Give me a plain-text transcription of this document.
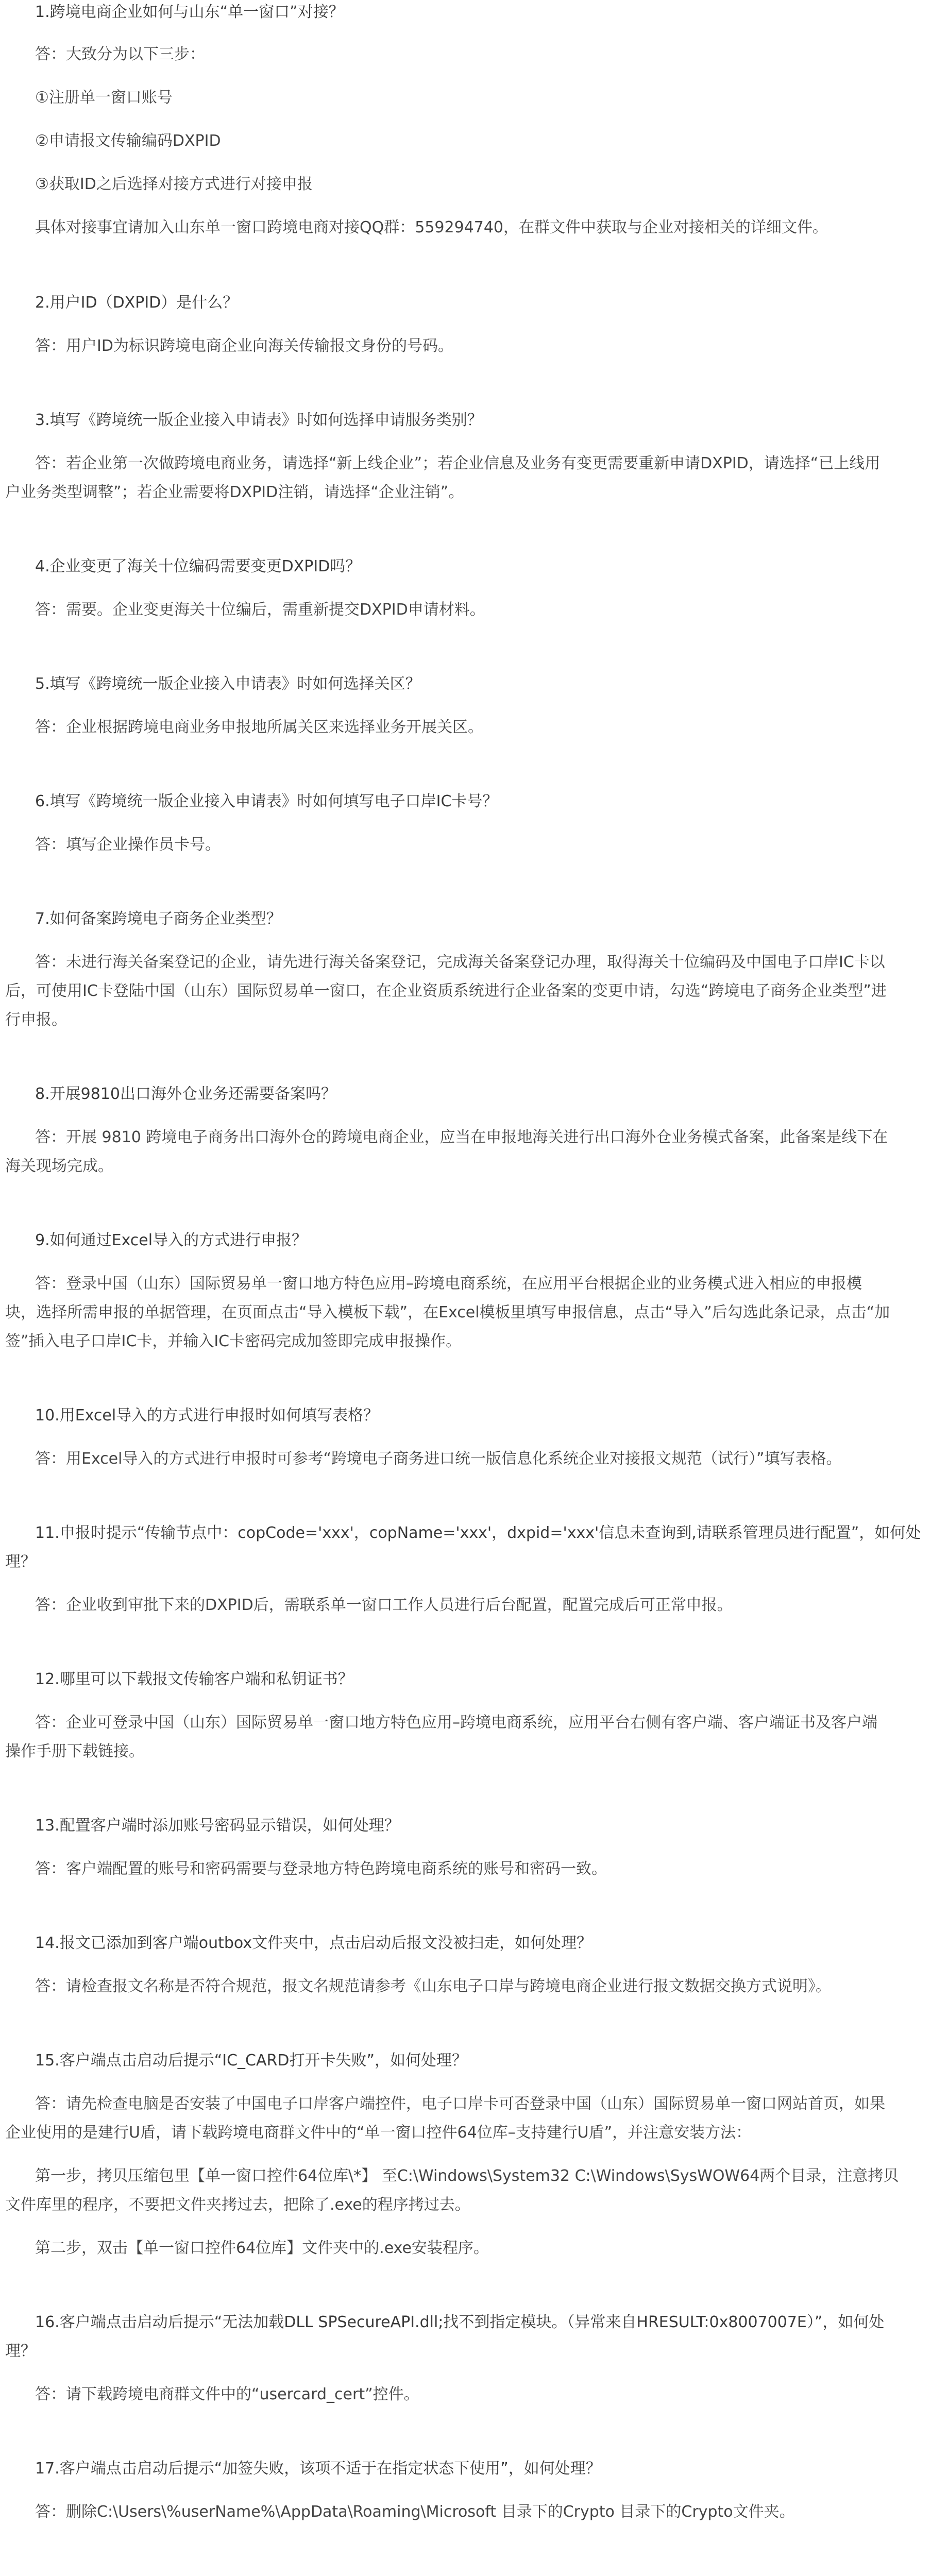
1.跨境电商企业如何与山东“单一窗口”对接？
答：大致分为以下三步：
①注册单一窗口账号
②申请报文传输编码DXPID
③获取ID之后选择对接方式进行对接申报
具体对接事宜请加入山东单一窗口跨境电商对接QQ群：559294740，在群文件中获取与企业对接相关的详细文件。
2.用户ID（DXPID）是什么？
答：用户ID为标识跨境电商企业向海关传输报文身份的号码。
3.填写《跨境统一版企业接入申请表》时如何选择申请服务类别？
答：若企业第一次做跨境电商业务，请选择“新上线企业”；若企业信息及业务有变更需要重新申请DXPID，请选择“已上线用
户业务类型调整”；若企业需要将DXPID注销，请选择“企业注销”。
4.企业变更了海关十位编码需要变更DXPID吗？
答：需要。企业变更海关十位编后，需重新提交DXPID申请材料。
5.填写《跨境统一版企业接入申请表》时如何选择关区？
答：企业根据跨境电商业务申报地所属关区来选择业务开展关区。
6.填写《跨境统一版企业接入申请表》时如何填写电子口岸IC卡号？
答：填写企业操作员卡号。
7.如何备案跨境电子商务企业类型？
答：未进行海关备案登记的企业，请先进行海关备案登记，完成海关备案登记办理，取得海关十位编码及中国电子口岸IC卡以
后，可使用IC卡登陆中国（山东）国际贸易单一窗口，在企业资质系统进行企业备案的变更申请，勾选“跨境电子商务企业类型”进
行申报。
8.开展9810出口海外仓业务还需要备案吗？
答：开展 9810 跨境电子商务出口海外仓的跨境电商企业，应当在申报地海关进行出口海外仓业务模式备案，此备案是线下在
海关现场完成。
9.如何通过Excel导入的方式进行申报？
答：登录中国（山东）国际贸易单一窗口地方特色应用–跨境电商系统，在应用平台根据企业的业务模式进入相应的申报模
块，选择所需申报的单据管理，在页面点击“导入模板下载”，在Excel模板里填写申报信息，点击“导入”后勾选此条记录，点击“加
签”插入电子口岸IC卡，并输入IC卡密码完成加签即完成申报操作。
10.用Excel导入的方式进行申报时如何填写表格？
答：用Excel导入的方式进行申报时可参考“跨境电子商务进口统一版信息化系统企业对接报文规范（试行）”填写表格。
11.申报时提示“传输节点中：copCode='xxx'，copName='xxx'，dxpid='xxx'信息未查询到,请联系管理员进行配置”，如何处
理？
答：企业收到审批下来的DXPID后，需联系单一窗口工作人员进行后台配置，配置完成后可正常申报。
12.哪里可以下载报文传输客户端和私钥证书？
答：企业可登录中国（山东）国际贸易单一窗口地方特色应用–跨境电商系统，应用平台右侧有客户端、客户端证书及客户端
操作手册下载链接。
13.配置客户端时添加账号密码显示错误，如何处理？
答：客户端配置的账号和密码需要与登录地方特色跨境电商系统的账号和密码一致。
14.报文已添加到客户端outbox文件夹中，点击启动后报文没被扫走，如何处理？
答：请检查报文名称是否符合规范，报文名规范请参考《山东电子口岸与跨境电商企业进行报文数据交换方式说明》。
15.客户端点击启动后提示“IC_CARD打开卡失败”，如何处理？
答：请先检查电脑是否安装了中国电子口岸客户端控件，电子口岸卡可否登录中国（山东）国际贸易单一窗口网站首页，如果
企业使用的是建行U盾，请下载跨境电商群文件中的“单一窗口控件64位库–支持建行U盾”，并注意安装方法：
第一步，拷贝压缩包里【单一窗口控件64位库\*】 至C:\Windows\System32 C:\Windows\SysWOW64两个目录，注意拷贝
文件库里的程序，不要把文件夹拷过去，把除了.exe的程序拷过去。
第二步，双击【单一窗口控件64位库】文件夹中的.exe安装程序。
16.客户端点击启动后提示“无法加载DLL SPSecureAPI.dll;找不到指定模块。（异常来自HRESULT:0x8007007E）”，如何处
理？
答：请下载跨境电商群文件中的“usercard_cert”控件。
17.客户端点击启动后提示“加签失败，该项不适于在指定状态下使用”，如何处理？
答：删除C:\Users\%userName%\AppData\Roaming\Microsoft 目录下的Crypto 目录下的Crypto文件夹。
